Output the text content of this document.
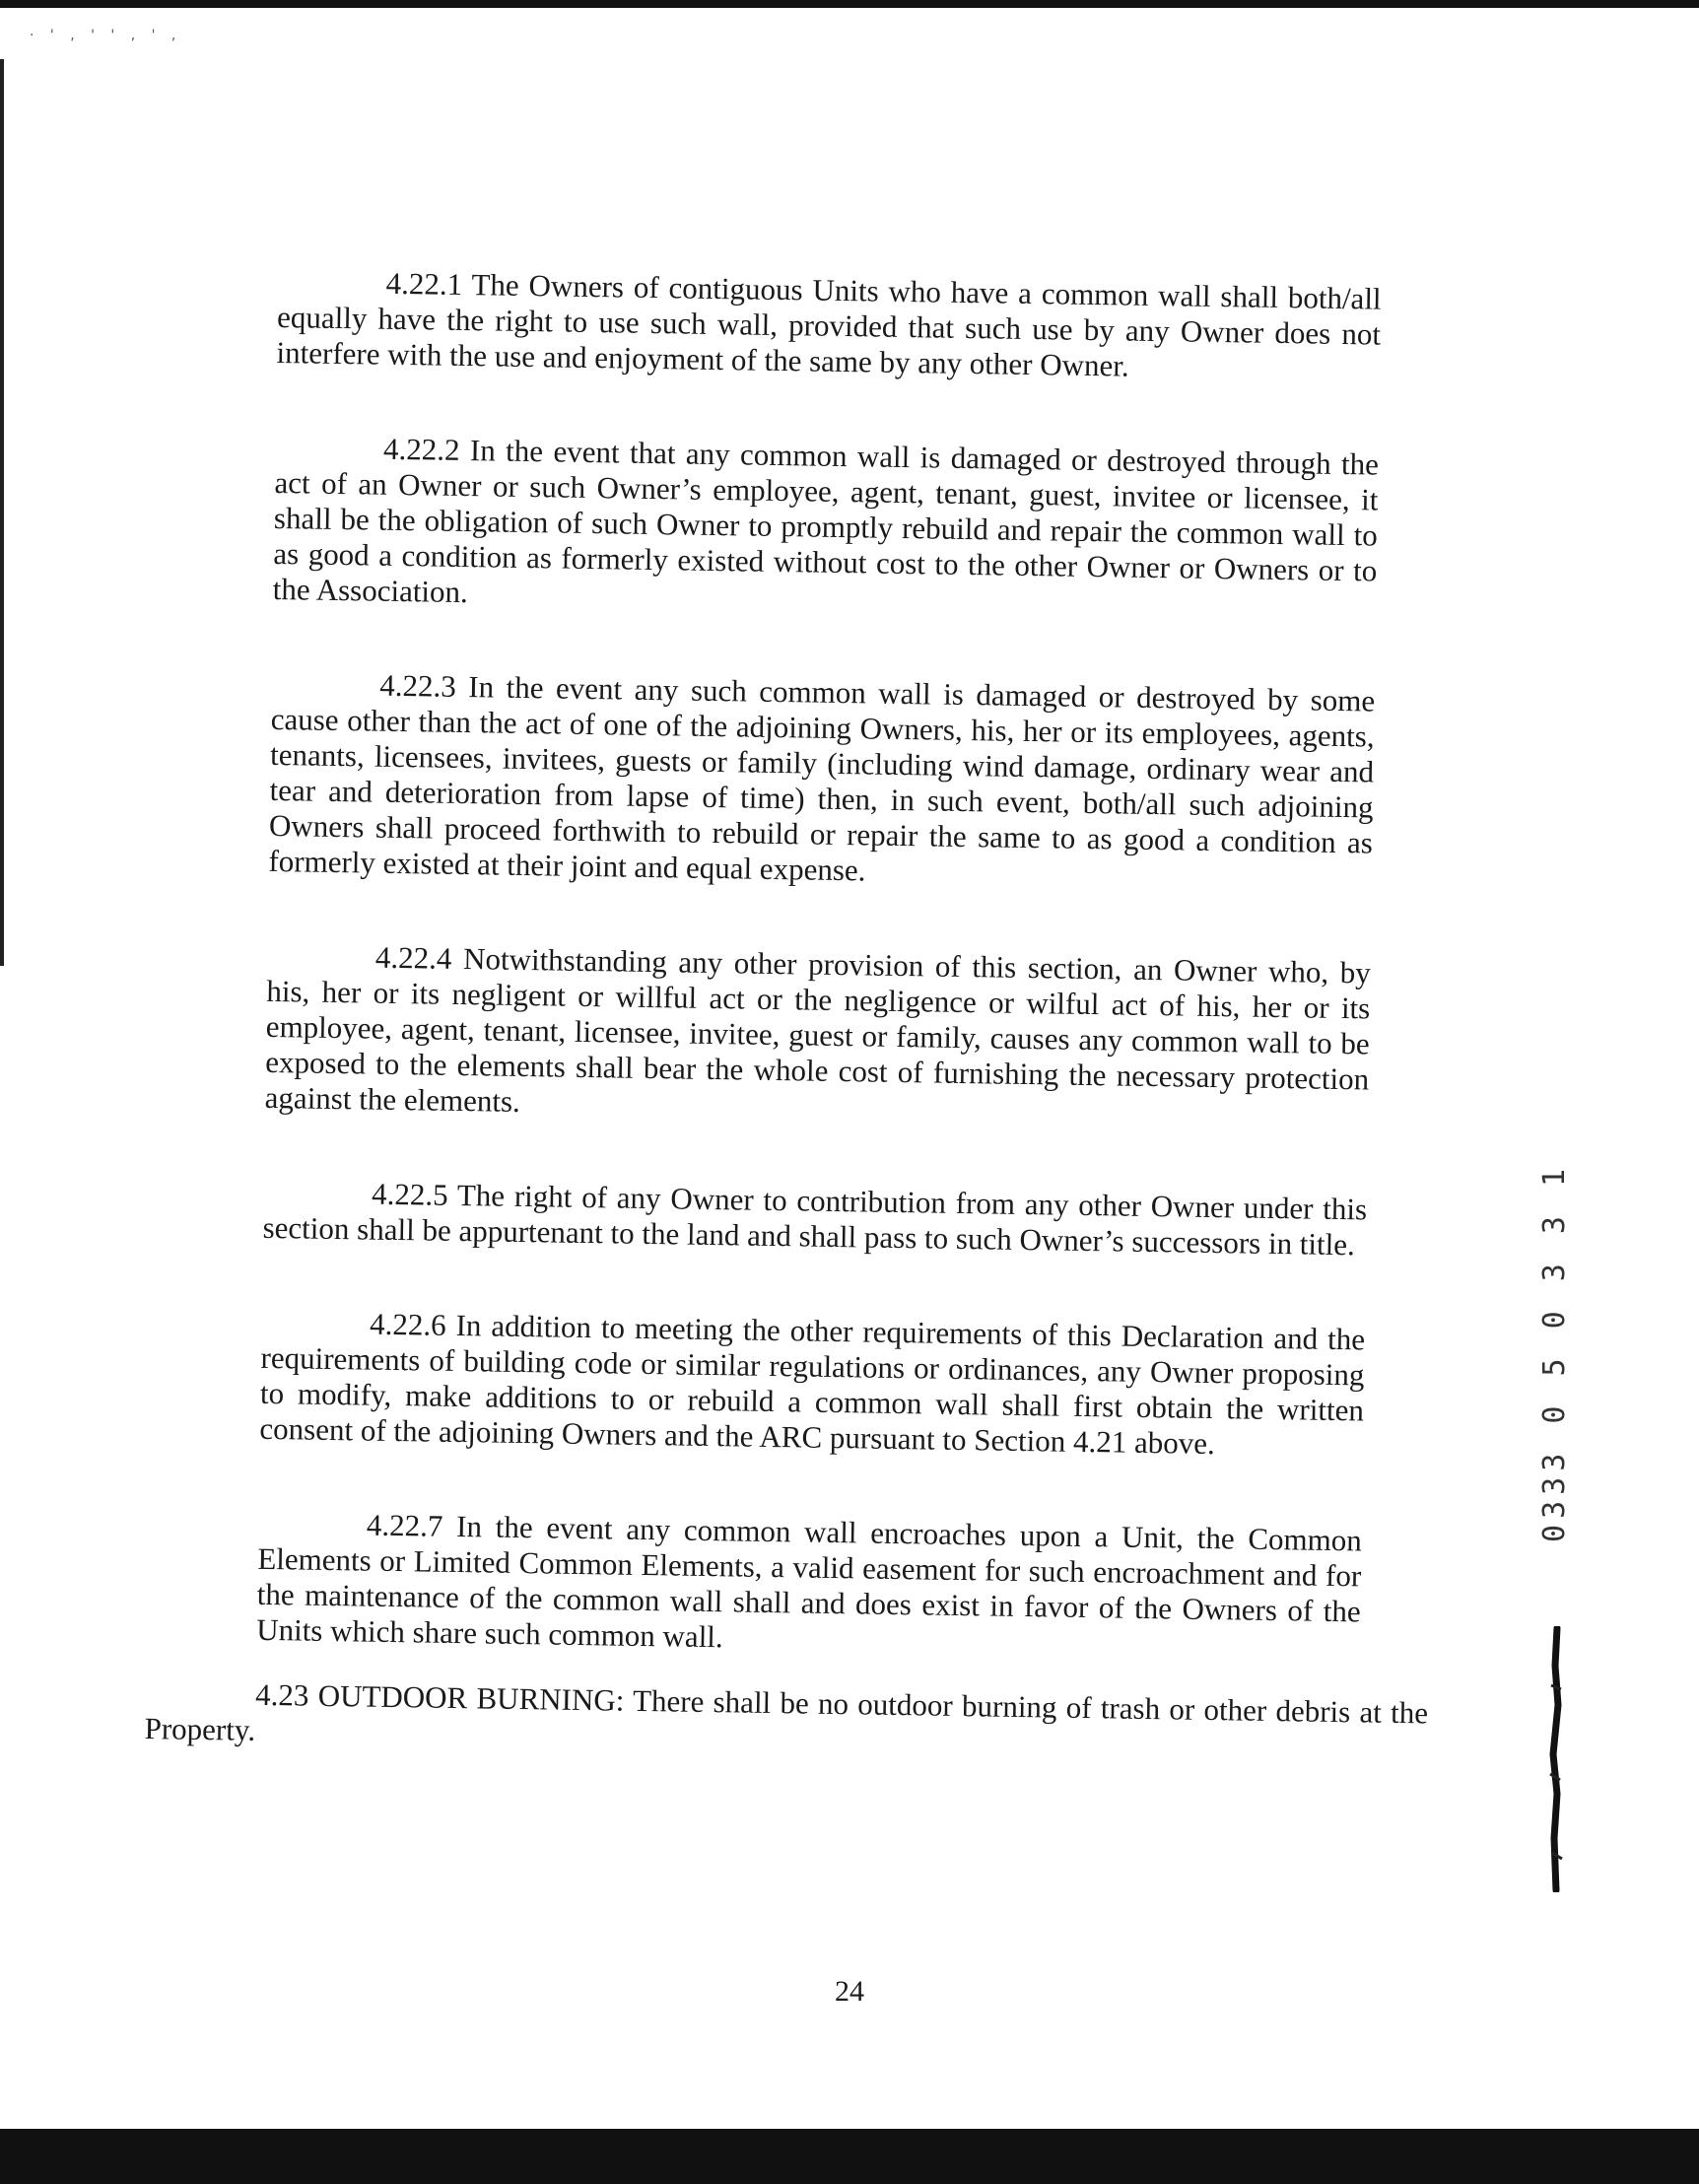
· ' , ' ' , ' ,

4.22.1 The Owners of contiguous Units who have a common wall shall both/all equally have the right to use such wall, provided that such use by any Owner does not interfere with the use and enjoyment of the same by any other Owner.

4.22.2 In the event that any common wall is damaged or destroyed through the act of an Owner or such Owner’s employee, agent, tenant, guest, invitee or licensee, it shall be the obligation of such Owner to promptly rebuild and repair the common wall to as good a condition as formerly existed without cost to the other Owner or Owners or to the Association.

4.22.3 In the event any such common wall is damaged or destroyed by some cause other than the act of one of the adjoining Owners, his, her or its employees, agents, tenants, licensees, invitees, guests or family (including wind damage, ordinary wear and tear and deterioration from lapse of time) then, in such event, both/all such adjoining Owners shall proceed forthwith to rebuild or repair the same to as good a condition as formerly existed at their joint and equal expense.

4.22.4 Notwithstanding any other provision of this section, an Owner who, by his, her or its negligent or willful act or the negligence or wilful act of his, her or its employee, agent, tenant, licensee, invitee, guest or family, causes any common wall to be exposed to the elements shall bear the whole cost of furnishing the necessary protection against the elements.

4.22.5 The right of any Owner to contribution from any other Owner under this section shall be appurtenant to the land and shall pass to such Owner’s successors in title.

4.22.6 In addition to meeting the other requirements of this Declaration and the requirements of building code or similar regulations or ordinances, any Owner proposing to modify, make additions to or rebuild a common wall shall first obtain the written consent of the adjoining Owners and the ARC pursuant to Section 4.21 above.

4.22.7 In the event any common wall encroaches upon a Unit, the Common Elements or Limited Common Elements, a valid easement for such encroachment and for the maintenance of the common wall shall and does exist in favor of the Owners of the Units which share such common wall.

4.23 OUTDOOR BURNING: There shall be no outdoor burning of trash or other debris at the Property.

0333 0 5 0 3 3 1
24
